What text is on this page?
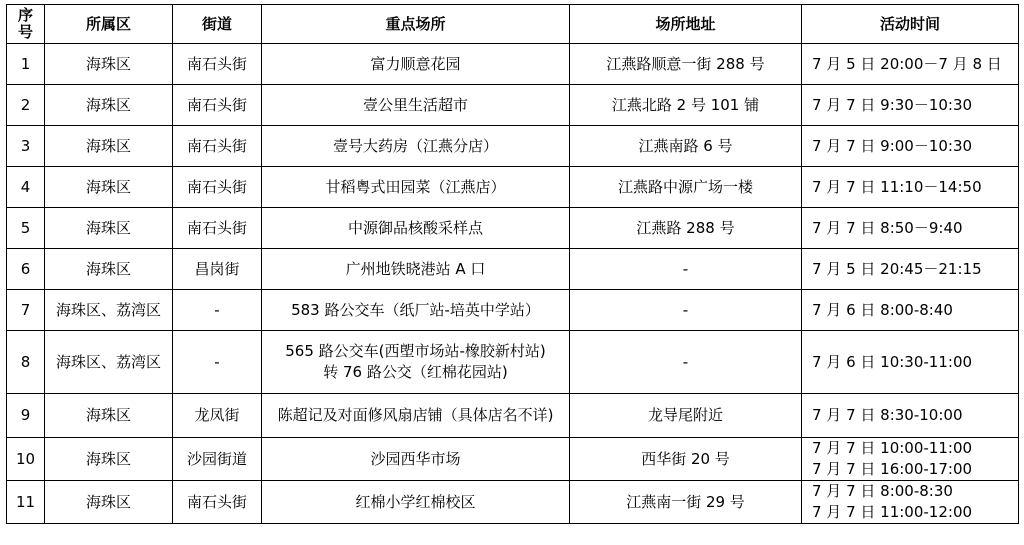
序
号	所属区	街道	重点场所	场所地址	活动时间
1	海珠区	南石头街	富力顺意花园	江燕路顺意一街 288 号	7 月 5 日 20:00－7 月 8 日

2	海珠区	南石头街	壹公里生活超市	江燕北路 2 号 101 铺	7 月 7 日 9:30－10:30

3	海珠区	南石头街	壹号大药房（江燕分店）	江燕南路 6 号	7 月 7 日 9:00－10:30

4	海珠区	南石头街	甘稻粤式田园菜（江燕店）	江燕路中源广场一楼	7 月 7 日 11:10－14:50

5	海珠区	南石头街	中源御品核酸采样点	江燕路 288 号	7 月 7 日 8:50－9:40

6	海珠区	昌岗街	广州地铁晓港站 A 口	-	7 月 5 日 20:45－21:15

7	海珠区、荔湾区	-	583 路公交车（纸厂站-培英中学站）	-	7 月 6 日 8:00-8:40

8	海珠区、荔湾区	-	565 路公交车(西塱市场站-橡胶新村站)
转 76 路公交（红棉花园站)	-	7 月 6 日 10:30-11:00

9	海珠区	龙凤街	陈超记及对面修风扇店铺（具体店名不详)	龙导尾附近	7 月 7 日 8:30-10:00

10	海珠区	沙园街道	沙园西华市场	西华街 20 号	7 月 7 日 10:00-11:00
7 月 7 日 16:00-17:00

11	海珠区	南石头街	红棉小学红棉校区	江燕南一街 29 号	7 月 7 日 8:00-8:30
7 月 7 日 11:00-12:00
